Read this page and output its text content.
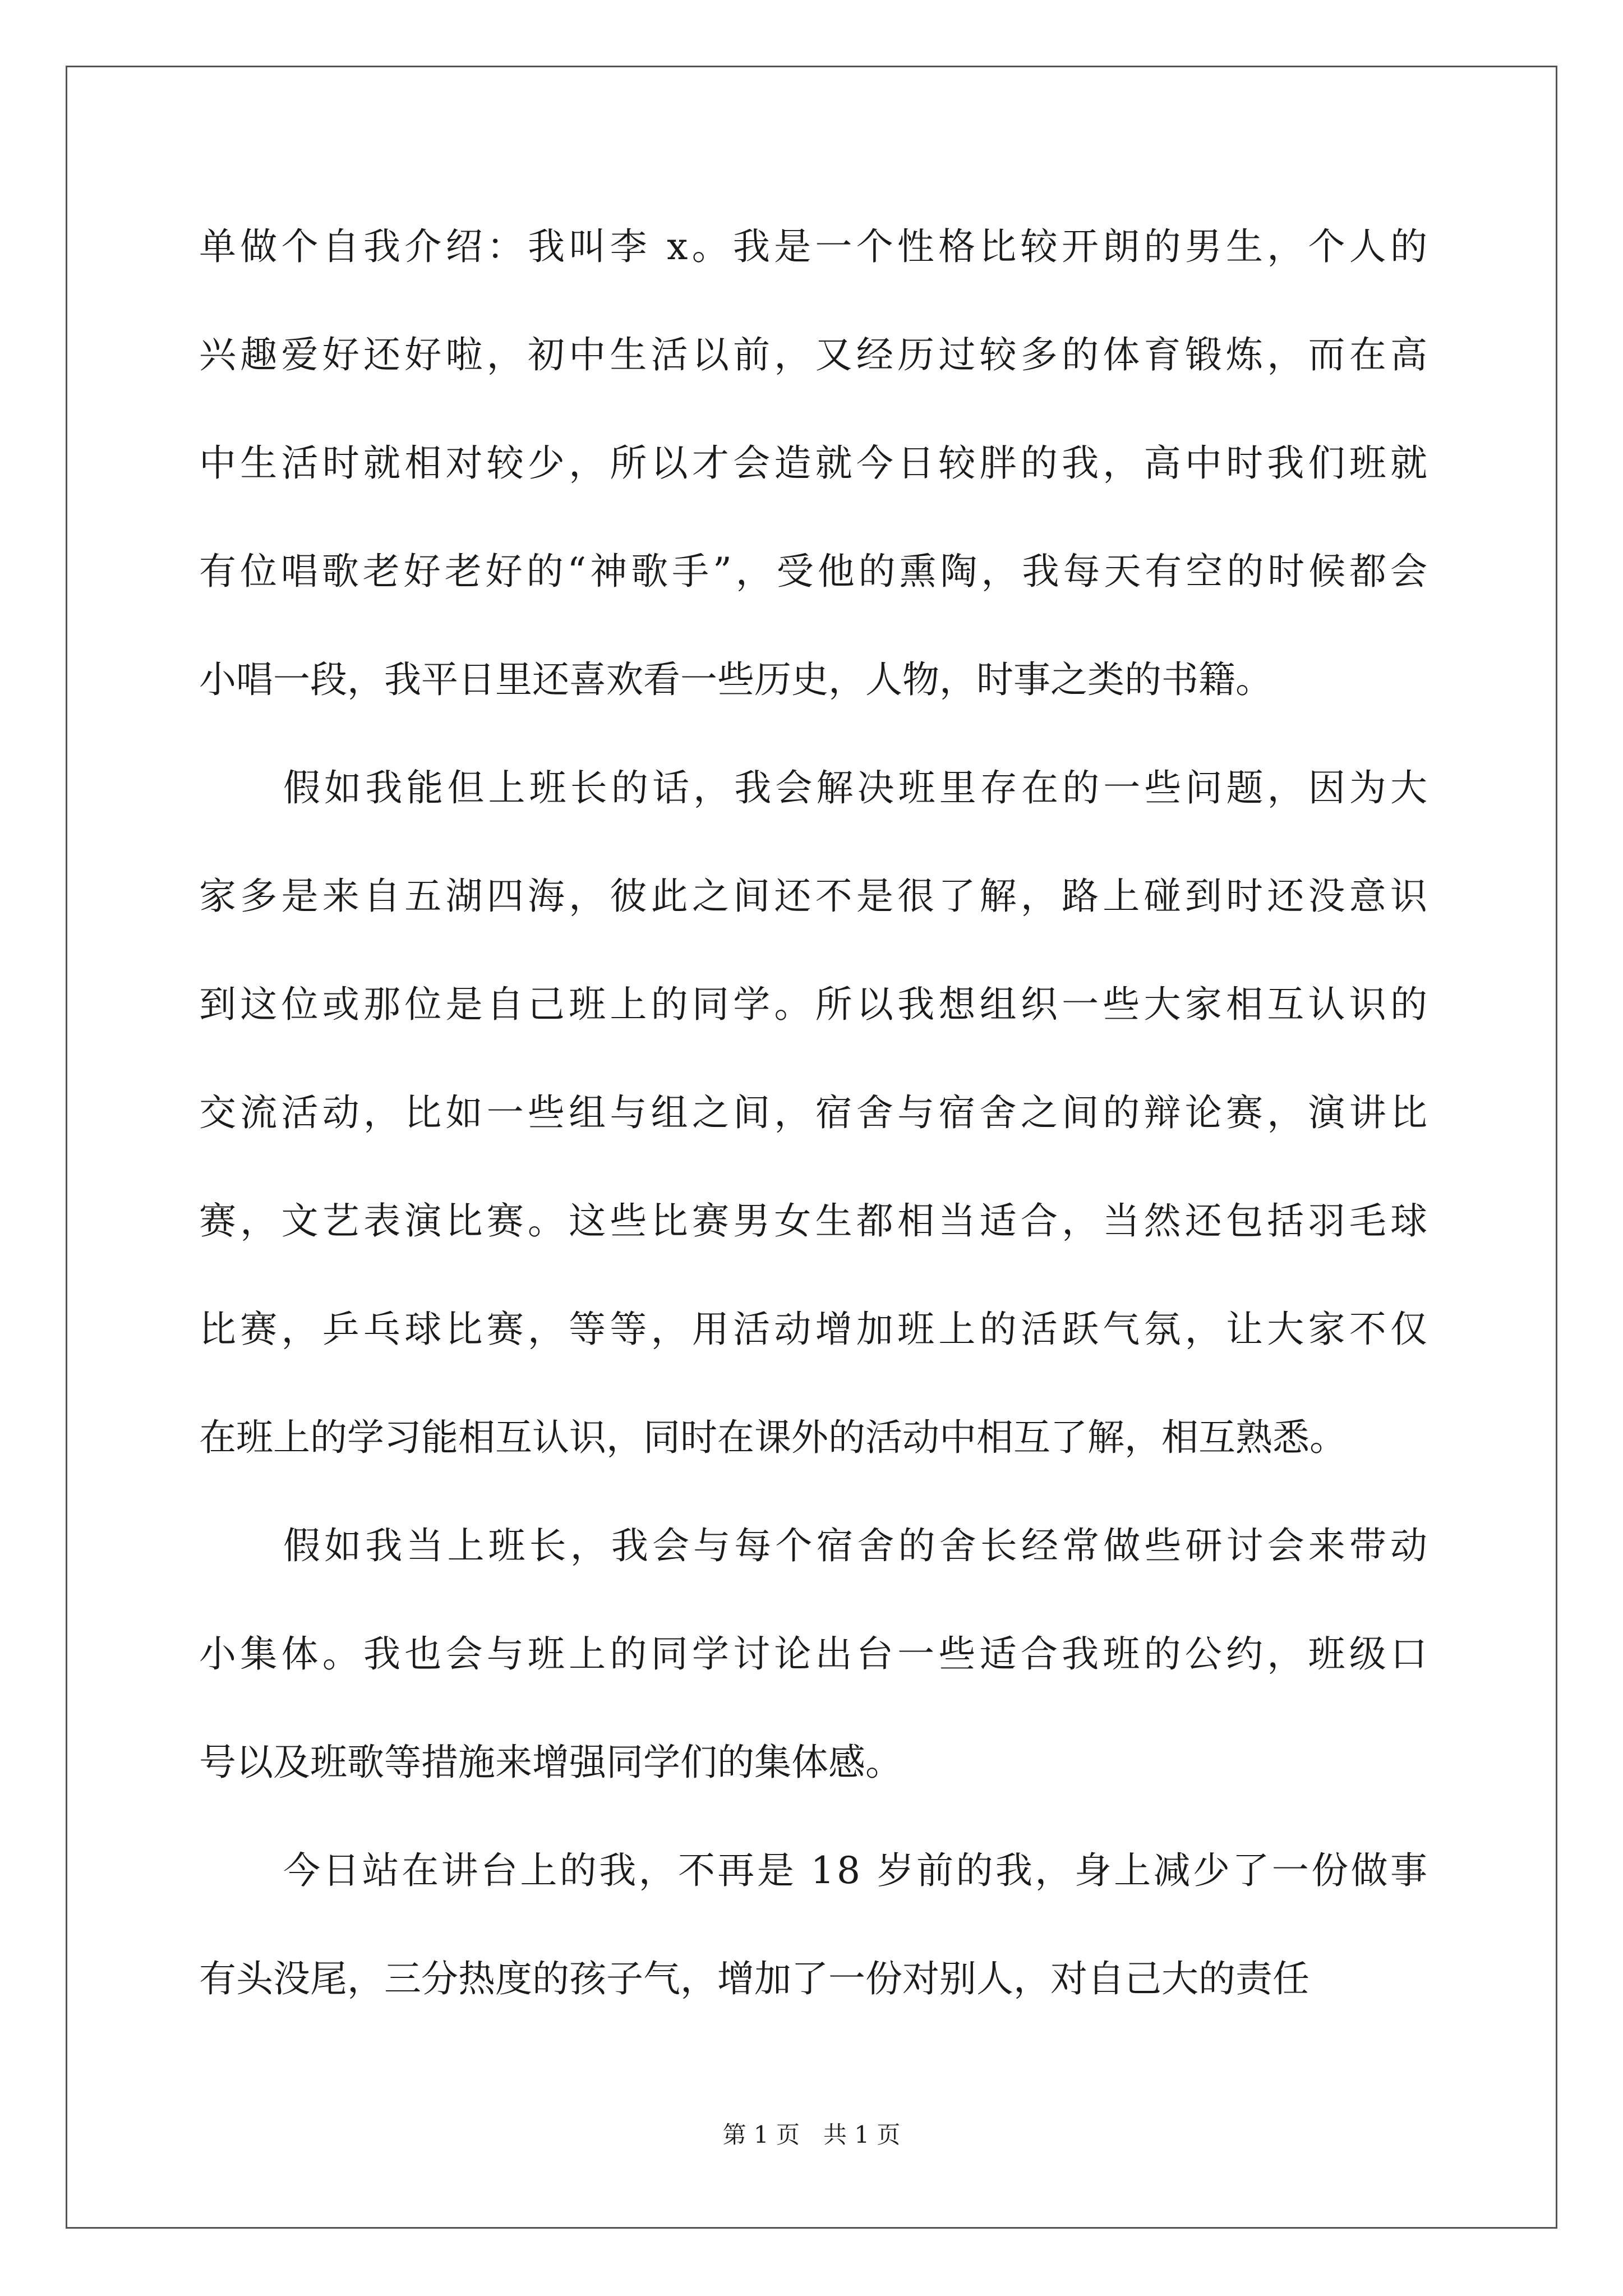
单做个自我介绍：我叫李 x。我是一个性格比较开朗的男生，个人的
兴趣爱好还好啦，初中生活以前，又经历过较多的体育锻炼，而在高
中生活时就相对较少，所以才会造就今日较胖的我，高中时我们班就
有位唱歌老好老好的“神歌手”，受他的熏陶，我每天有空的时候都会
小唱一段，我平日里还喜欢看一些历史，人物，时事之类的书籍。
假如我能但上班长的话，我会解决班里存在的一些问题，因为大
家多是来自五湖四海，彼此之间还不是很了解，路上碰到时还没意识
到这位或那位是自己班上的同学。所以我想组织一些大家相互认识的
交流活动，比如一些组与组之间，宿舍与宿舍之间的辩论赛，演讲比
赛，文艺表演比赛。这些比赛男女生都相当适合，当然还包括羽毛球
比赛，乒乓球比赛，等等，用活动增加班上的活跃气氛，让大家不仅
在班上的学习能相互认识，同时在课外的活动中相互了解，相互熟悉。
假如我当上班长，我会与每个宿舍的舍长经常做些研讨会来带动
小集体。我也会与班上的同学讨论出台一些适合我班的公约，班级口
号以及班歌等措施来增强同学们的集体感。
今日站在讲台上的我，不再是 18 岁前的我，身上减少了一份做事
有头没尾，三分热度的孩子气，增加了一份对别人，对自己大的责任
第 1 页　共 1 页
